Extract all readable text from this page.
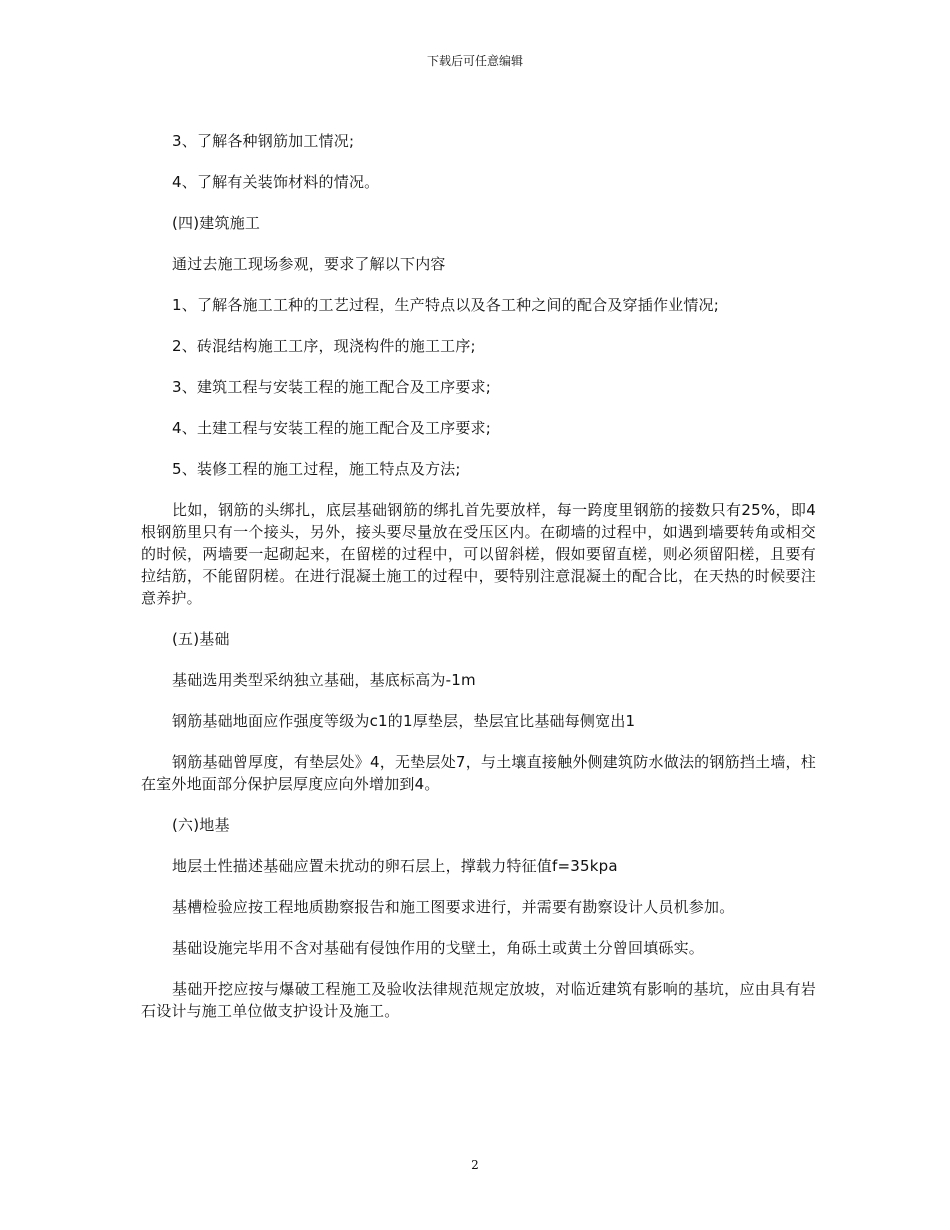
下载后可任意编辑

3、了解各种钢筋加工情况;

4、了解有关装饰材料的情况。

(四)建筑施工

通过去施工现场参观，要求了解以下内容

1、了解各施工工种的工艺过程，生产特点以及各工种之间的配合及穿插作业情况;

2、砖混结构施工工序，现浇构件的施工工序;

3、建筑工程与安装工程的施工配合及工序要求;

4、土建工程与安装工程的施工配合及工序要求;

5、装修工程的施工过程，施工特点及方法;

比如，钢筋的头绑扎，底层基础钢筋的绑扎首先要放样，每一跨度里钢筋的接数只有25%，即4根钢筋里只有一个接头，另外，接头要尽量放在受压区内。在砌墙的过程中，如遇到墙要转角或相交的时候，两墙要一起砌起来，在留槎的过程中，可以留斜槎，假如要留直槎，则必须留阳槎，且要有拉结筋，不能留阴槎。在进行混凝土施工的过程中，要特别注意混凝土的配合比，在天热的时候要注意养护。

(五)基础

基础选用类型采纳独立基础，基底标高为-1m

钢筋基础地面应作强度等级为c1的1厚垫层，垫层宜比基础每侧宽出1

钢筋基础曾厚度，有垫层处》4，无垫层处7，与土壤直接触外侧建筑防水做法的钢筋挡土墙，柱在室外地面部分保护层厚度应向外增加到4。

(六)地基

地层土性描述基础应置未扰动的卵石层上，撑载力特征值f=35kpa

基槽检验应按工程地质勘察报告和施工图要求进行，并需要有勘察设计人员机参加。

基础设施完毕用不含对基础有侵蚀作用的戈壁土，角砾土或黄土分曾回填砾实。

基础开挖应按与爆破工程施工及验收法律规范规定放坡，对临近建筑有影响的基坑，应由具有岩石设计与施工单位做支护设计及施工。

2
